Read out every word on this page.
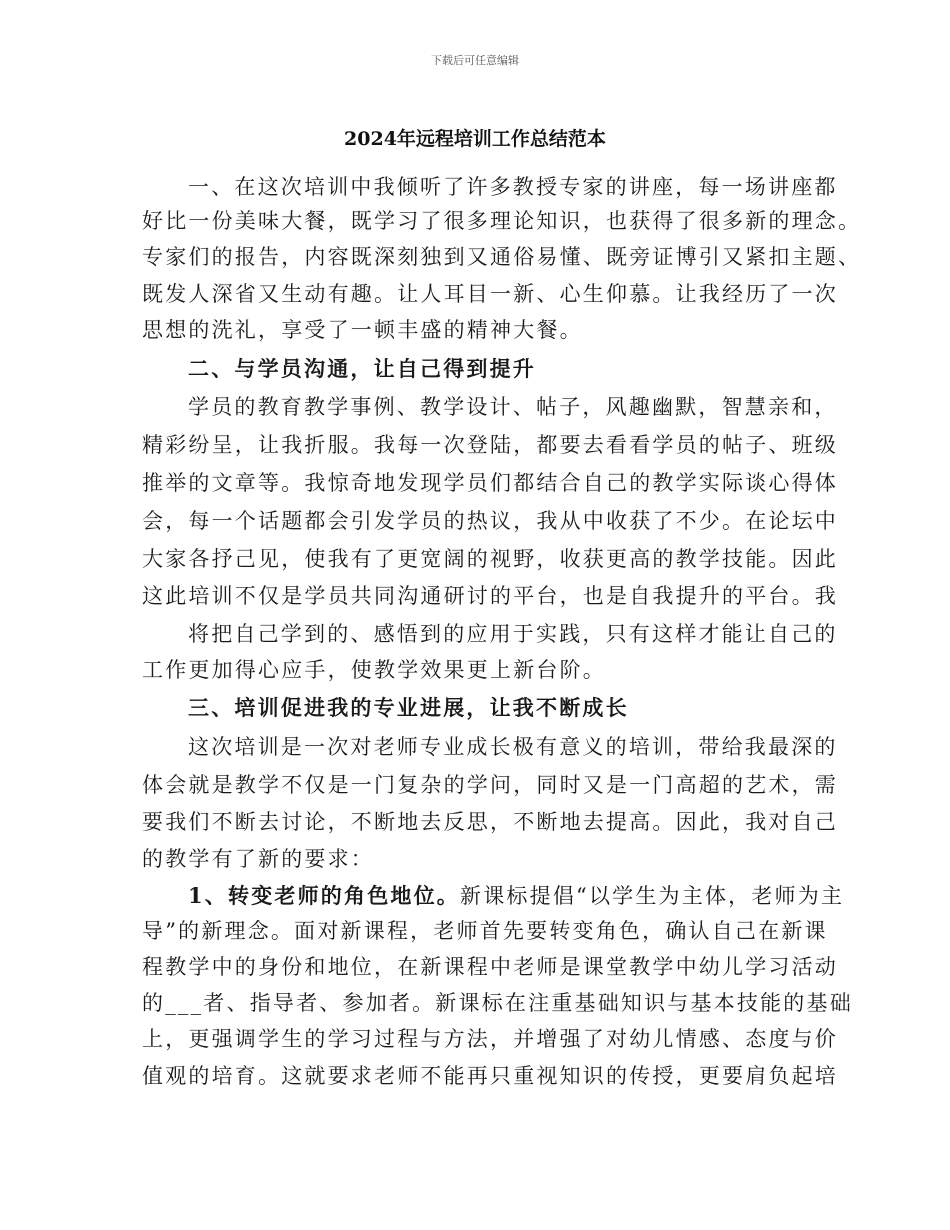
下载后可任意编辑
2024年远程培训工作总结范本
一、在这次培训中我倾听了许多教授专家的讲座，每一场讲座都
好比一份美味大餐，既学习了很多理论知识，也获得了很多新的理念。
专家们的报告，内容既深刻独到又通俗易懂、既旁证博引又紧扣主题、
既发人深省又生动有趣。让人耳目一新、心生仰慕。让我经历了一次
思想的洗礼，享受了一顿丰盛的精神大餐。
二、与学员沟通，让自己得到提升
学员的教育教学事例、教学设计、帖子，风趣幽默，智慧亲和，
精彩纷呈，让我折服。我每一次登陆，都要去看看学员的帖子、班级
推举的文章等。我惊奇地发现学员们都结合自己的教学实际谈心得体
会，每一个话题都会引发学员的热议，我从中收获了不少。在论坛中
大家各抒己见，使我有了更宽阔的视野，收获更高的教学技能。因此
这此培训不仅是学员共同沟通研讨的平台，也是自我提升的平台。我
将把自己学到的、感悟到的应用于实践，只有这样才能让自己的
工作更加得心应手，使教学效果更上新台阶。
三、培训促进我的专业进展，让我不断成长
这次培训是一次对老师专业成长极有意义的培训，带给我最深的
体会就是教学不仅是一门复杂的学问，同时又是一门高超的艺术，需
要我们不断去讨论，不断地去反思，不断地去提高。因此，我对自己
的教学有了新的要求：
1、转变老师的角色地位。新课标提倡“以学生为主体，老师为主
导”的新理念。面对新课程，老师首先要转变角色，确认自己在新课
程教学中的身份和地位，在新课程中老师是课堂教学中幼儿学习活动
的___者、指导者、参加者。新课标在注重基础知识与基本技能的基础
上，更强调学生的学习过程与方法，并增强了对幼儿情感、态度与价
值观的培育。这就要求老师不能再只重视知识的传授，更要肩负起培
